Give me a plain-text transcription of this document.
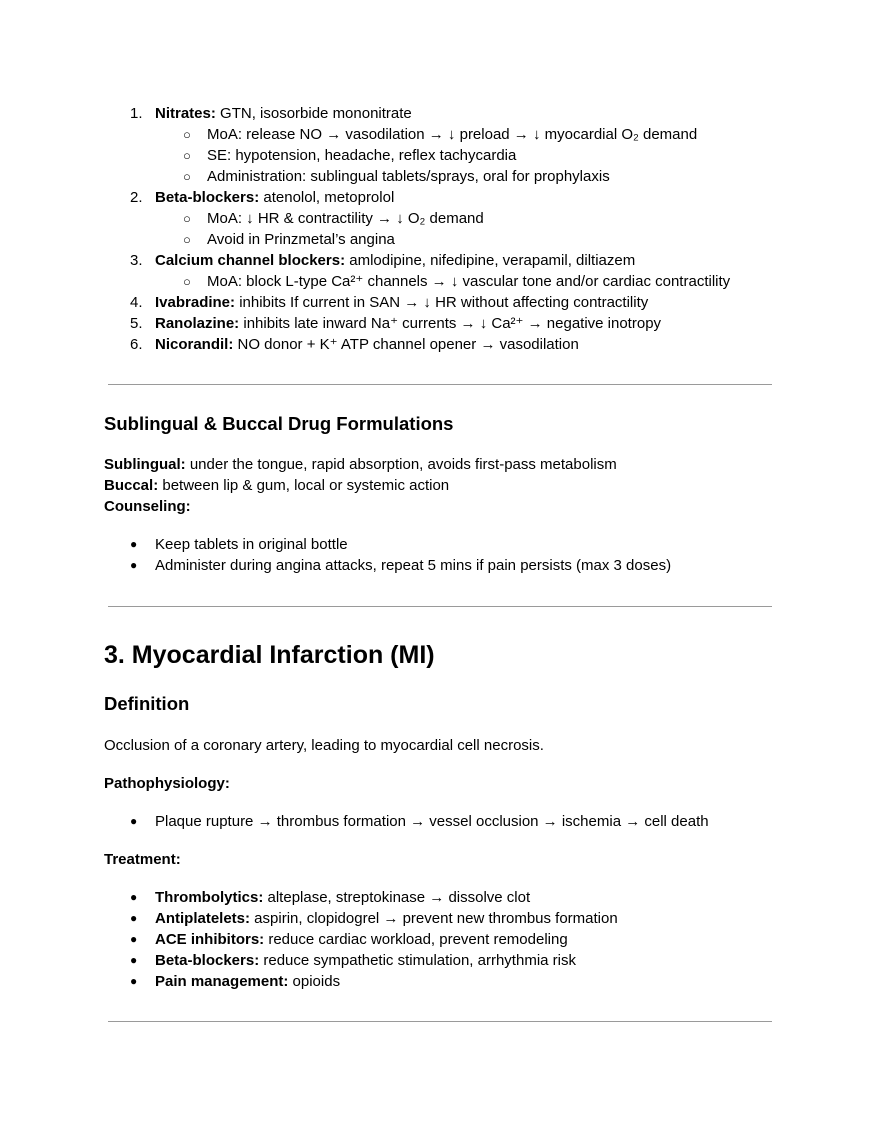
1. Nitrates: GTN, isosorbide mononitrate
○ MoA: release NO → vasodilation → ↓ preload → ↓ myocardial O₂ demand
○ SE: hypotension, headache, reflex tachycardia
○ Administration: sublingual tablets/sprays, oral for prophylaxis
2. Beta-blockers: atenolol, metoprolol
○ MoA: ↓ HR & contractility → ↓ O₂ demand
○ Avoid in Prinzmetal’s angina
3. Calcium channel blockers: amlodipine, nifedipine, verapamil, diltiazem
○ MoA: block L-type Ca²⁺ channels → ↓ vascular tone and/or cardiac contractility
4. Ivabradine: inhibits If current in SAN → ↓ HR without affecting contractility
5. Ranolazine: inhibits late inward Na⁺ currents → ↓ Ca²⁺ → negative inotropy
6. Nicorandil: NO donor + K⁺ ATP channel opener → vasodilation
Sublingual & Buccal Drug Formulations
Sublingual: under the tongue, rapid absorption, avoids first-pass metabolism
Buccal: between lip & gum, local or systemic action
Counseling:
● Keep tablets in original bottle
● Administer during angina attacks, repeat 5 mins if pain persists (max 3 doses)
3. Myocardial Infarction (MI)
Definition
Occlusion of a coronary artery, leading to myocardial cell necrosis.
Pathophysiology:
● Plaque rupture → thrombus formation → vessel occlusion → ischemia → cell death
Treatment:
● Thrombolytics: alteplase, streptokinase → dissolve clot
● Antiplatelets: aspirin, clopidogrel → prevent new thrombus formation
● ACE inhibitors: reduce cardiac workload, prevent remodeling
● Beta-blockers: reduce sympathetic stimulation, arrhythmia risk
● Pain management: opioids
